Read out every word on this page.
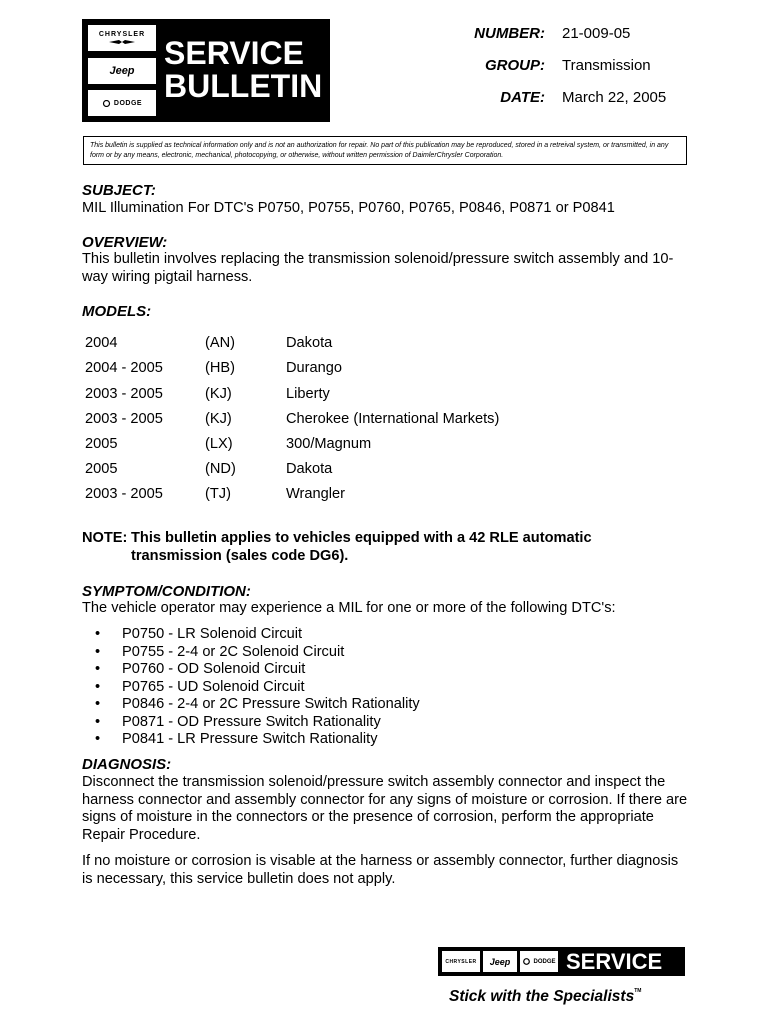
CHRYSLER
Jeep
DODGE
SERVICE
BULLETIN
NUMBER: 21-009-05
GROUP: Transmission
DATE: March 22, 2005
This bulletin is supplied as technical information only and is not an authorization for repair. No part of this publication may be reproduced, stored in a retreival system, or transmitted, in any form or by any means, electronic, mechanical, photocopying, or otherwise, without written permission of DaimlerChrysler Corporation.
SUBJECT:
MIL Illumination For DTC's P0750, P0755, P0760, P0765, P0846, P0871 or P0841
OVERVIEW:
This bulletin involves replacing the transmission solenoid/pressure switch assembly and 10-way wiring pigtail harness.
MODELS:
2004	(AN)	Dakota
2004 - 2005	(HB)	Durango
2003 - 2005	(KJ)	Liberty
2003 - 2005	(KJ)	Cherokee (International Markets)
2005	(LX)	300/Magnum
2005	(ND)	Dakota
2003 - 2005	(TJ)	Wrangler
NOTE: This bulletin applies to vehicles equipped with a 42 RLE automatic transmission (sales code DG6).
SYMPTOM/CONDITION:
The vehicle operator may experience a MIL for one or more of the following DTC's:
• P0750 - LR Solenoid Circuit
• P0755 - 2-4 or 2C Solenoid Circuit
• P0760 - OD Solenoid Circuit
• P0765 - UD Solenoid Circuit
• P0846 - 2-4 or 2C Pressure Switch Rationality
• P0871 - OD Pressure Switch Rationality
• P0841 - LR Pressure Switch Rationality
DIAGNOSIS:
Disconnect the transmission solenoid/pressure switch assembly connector and inspect the harness connector and assembly connector for any signs of moisture or corrosion. If there are signs of moisture in the connectors or the presence of corrosion, perform the appropriate Repair Procedure.
If no moisture or corrosion is visable at the harness or assembly connector, further diagnosis is necessary, this service bulletin does not apply.
CHRYSLER	Jeep	DODGE SERVICE
Stick with the Specialists™
